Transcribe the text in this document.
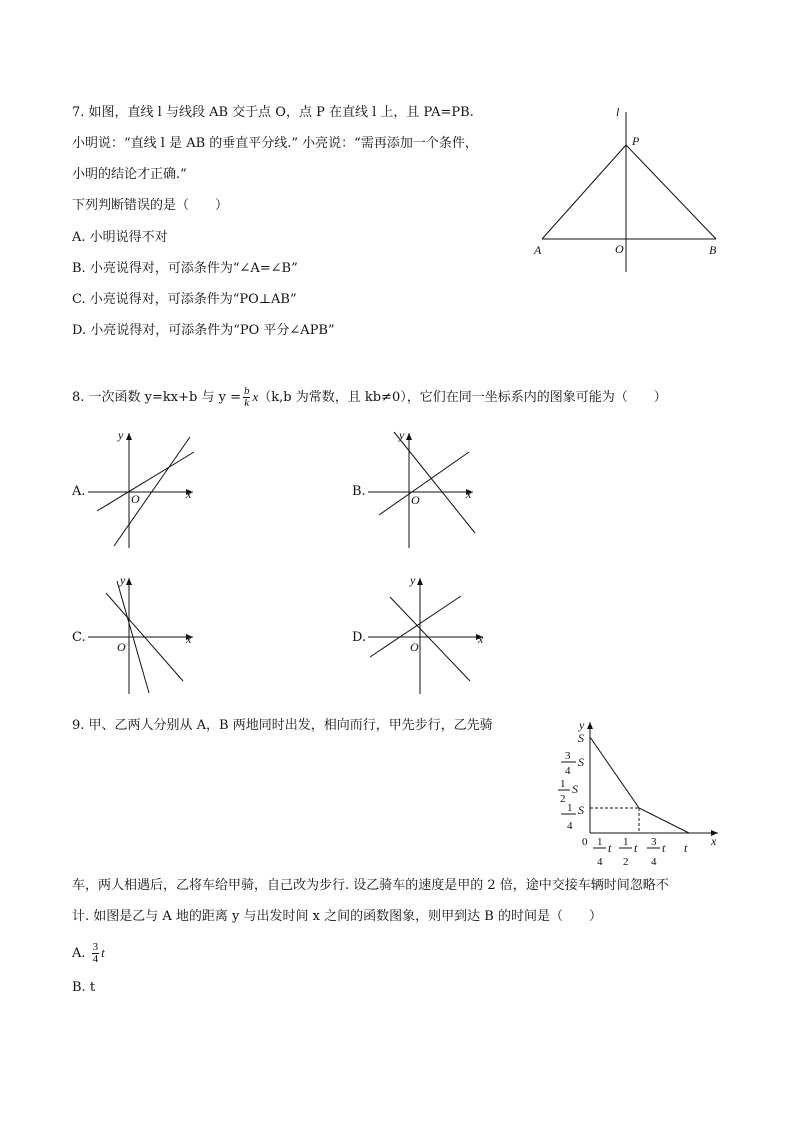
7. 如图，直线 l 与线段 AB 交于点 O，点 P 在直线 l 上，且 PA=PB.
小明说：“直线 l 是 AB 的垂直平分线.” 小亮说：“需再添加一个条件，
小明的结论才正确.”
下列判断错误的是（　　）
A. 小明说得不对
B. 小亮说得对，可添条件为“∠A=∠B”
C. 小亮说得对，可添条件为“PO⊥AB”
D. 小亮说得对，可添条件为“PO 平分∠APB”
l
P
A	O	B
8. 一次函数 y=kx+b 与 $y = \frac{b}{k} x(k,b$ 为常数，且 kb≠0），它们在同一坐标系内的图象可能为（　　）
A.	B.
C.	D.
y
x
O
y
x
O
y
x
O
y
x
O
9. 甲、乙两人分别从 A，B 两地同时出发，相向而行，甲先步行，乙先骑
车，两人相遇后，乙将车给甲骑，自己改为步行. 设乙骑车的速度是甲的 2 倍，途中交接车辆时间忽略不
计. 如图是乙与 A 地的距离 y 与出发时间 x 之间的函数图象，则甲到达 B 的时间是（　　）
A. $\frac{3}{4}$ t
B. t
y
x
0
S
3
4
S
1
2
S
1
4
S
1
4
t 1
2
t 3
4
t t
